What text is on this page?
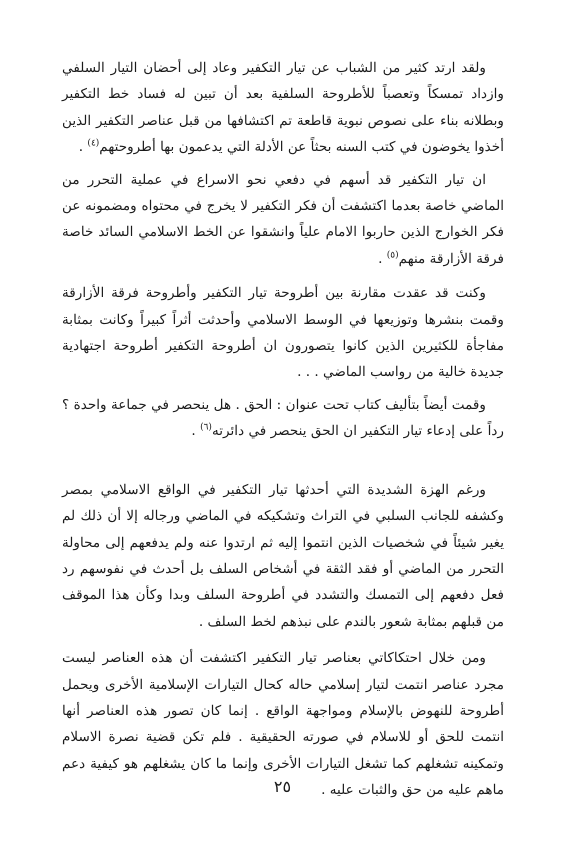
ولقد ارتد كثير من الشباب عن تيار التكفير وعاد إلى أحضان التيار السلفي وازداد تمسكاً وتعصباً للأطروحة السلفية بعد أن تبين له فساد خط التكفير وبطلانه بناء على نصوص نبوية قاطعة تم اكتشافها من قبل عناصر التكفير الذين أخذوا يخوضون في كتب السنه بحثاً عن الأدلة التي يدعمون بها أطروحتهم$^{(٤)}$ .

ان تيار التكفير قد أسهم في دفعي نحو الاسراع في عملية التحرر من الماضي خاصة بعدما اكتشفت أن فكر التكفير لا يخرج في محتواه ومضمونه عن فكر الخوارج الذين حاربوا الامام علياً وانشقوا عن الخط الاسلامي السائد خاصة فرقة الأزارقة منهم$^{(٥)}$ .

وكنت قد عقدت مقارنة بين أطروحة تيار التكفير وأطروحة فرقة الأزارقة وقمت بنشرها وتوزيعها في الوسط الاسلامي وأحدثت أثراً كبيراً وكانت بمثابة مفاجأة للكثيرين الذين كانوا يتصورون ان أطروحة التكفير أطروحة اجتهادية جديدة خالية من رواسب الماضي . . .

وقمت أيضاً بتأليف كتاب تحت عنوان : الحق . هل ينحصر في جماعة واحدة ؟ رداً على إدعاء تيار التكفير ان الحق ينحصر في دائرته$^{(٦)}$ .

ورغم الهزة الشديدة التي أحدثها تيار التكفير في الواقع الاسلامي بمصر وكشفه للجانب السلبي في التراث وتشكيكه في الماضي ورجاله إلا أن ذلك لم يغير شيئاً في شخصيات الذين انتموا إليه ثم ارتدوا عنه ولم يدفعهم إلى محاولة التحرر من الماضي أو فقد الثقة في أشخاص السلف بل أحدث في نفوسهم رد فعل دفعهم إلى التمسك والتشدد في أطروحة السلف وبدا وكأن هذا الموقف من قبلهم بمثابة شعور بالندم على نبذهم لخط السلف .

ومن خلال احتكاكاتي بعناصر تيار التكفير اكتشفت أن هذه العناصر ليست مجرد عناصر انتمت لتيار إسلامي حاله كحال التيارات الإسلامية الأخرى ويحمل أطروحة للنهوض بالإسلام ومواجهة الواقع . إنما كان تصور هذه العناصر أنها انتمت للحق أو للاسلام في صورته الحقيقية . فلم تكن قضية نصرة الاسلام وتمكينه تشغلهم كما تشغل التيارات الأخرى وإنما ما كان يشغلهم هو كيفية دعم ماهم عليه من حق والثبات عليه .

٢٥
